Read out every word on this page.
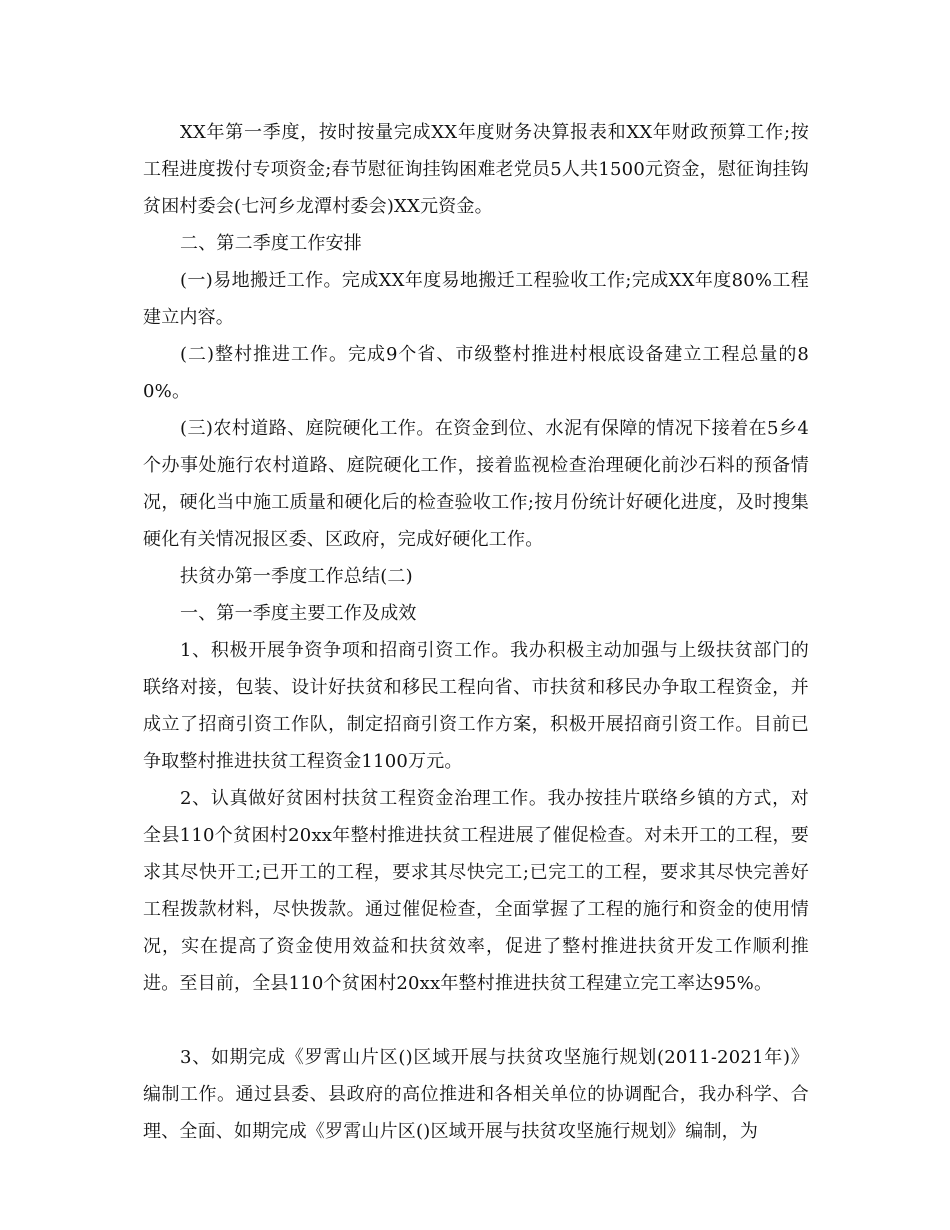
XX年第一季度，按时按量完成XX年度财务决算报表和XX年财政预算工作;按工程进度拨付专项资金;春节慰征询挂钩困难老党员5人共1500元资金，慰征询挂钩贫困村委会(七河乡龙潭村委会)XX元资金。

二、第二季度工作安排

(一)易地搬迁工作。完成XX年度易地搬迁工程验收工作;完成XX年度80%工程建立内容。

(二)整村推进工作。完成9个省、市级整村推进村根底设备建立工程总量的80%。

(三)农村道路、庭院硬化工作。在资金到位、水泥有保障的情况下接着在5乡4个办事处施行农村道路、庭院硬化工作，接着监视检查治理硬化前沙石料的预备情况，硬化当中施工质量和硬化后的检查验收工作;按月份统计好硬化进度，及时搜集硬化有关情况报区委、区政府，完成好硬化工作。

扶贫办第一季度工作总结(二)

一、第一季度主要工作及成效

1、积极开展争资争项和招商引资工作。我办积极主动加强与上级扶贫部门的联络对接，包装、设计好扶贫和移民工程向省、市扶贫和移民办争取工程资金，并成立了招商引资工作队，制定招商引资工作方案，积极开展招商引资工作。目前已争取整村推进扶贫工程资金1100万元。

2、认真做好贫困村扶贫工程资金治理工作。我办按挂片联络乡镇的方式，对全县110个贫困村20xx年整村推进扶贫工程进展了催促检查。对未开工的工程，要求其尽快开工;已开工的工程，要求其尽快完工;已完工的工程，要求其尽快完善好工程拨款材料，尽快拨款。通过催促检查，全面掌握了工程的施行和资金的使用情况，实在提高了资金使用效益和扶贫效率，促进了整村推进扶贫开发工作顺利推进。至目前，全县110个贫困村20xx年整村推进扶贫工程建立完工率达95%。

3、如期完成《罗霄山片区()区域开展与扶贫攻坚施行规划(2011-2021年)》编制工作。通过县委、县政府的高位推进和各相关单位的协调配合，我办科学、合理、全面、如期完成《罗霄山片区()区域开展与扶贫攻坚施行规划》编制，为
